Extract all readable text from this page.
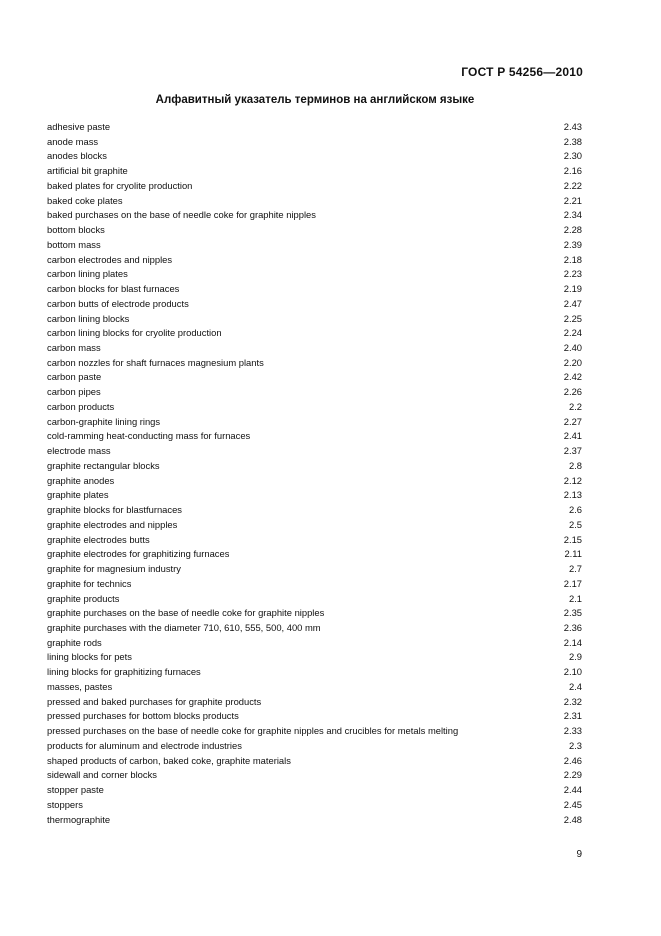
ГОСТ Р 54256—2010
Алфавитный указатель терминов на английском языке
adhesive paste	2.43
anode mass	2.38
anodes blocks	2.30
artificial bit graphite	2.16
baked plates for cryolite production	2.22
baked coke plates	2.21
baked purchases on the base of needle coke for graphite nipples	2.34
bottom blocks	2.28
bottom mass	2.39
carbon electrodes and nipples	2.18
carbon lining plates	2.23
carbon blocks for blast furnaces	2.19
carbon butts of electrode products	2.47
carbon lining blocks	2.25
carbon lining blocks for cryolite production	2.24
carbon mass	2.40
carbon nozzles for shaft furnaces magnesium plants	2.20
carbon paste	2.42
carbon pipes	2.26
carbon products	2.2
carbon-graphite lining rings	2.27
cold-ramming heat-conducting mass for furnaces	2.41
electrode mass	2.37
graphite rectangular blocks	2.8
graphite anodes	2.12
graphite plates	2.13
graphite blocks for blastfurnaces	2.6
graphite electrodes and nipples	2.5
graphite electrodes butts	2.15
graphite electrodes for graphitizing furnaces	2.11
graphite for magnesium industry	2.7
graphite for technics	2.17
graphite products	2.1
graphite purchases on the base of needle coke for graphite nipples	2.35
graphite purchases with the diameter 710, 610, 555, 500, 400 mm	2.36
graphite rods	2.14
lining blocks for pets	2.9
lining blocks for graphitizing furnaces	2.10
masses, pastes	2.4
pressed and baked purchases for graphite products	2.32
pressed purchases for bottom blocks products	2.31
pressed purchases on the base of needle coke for graphite nipples and crucibles for metals melting	2.33
products for aluminum and electrode industries	2.3
shaped products of carbon, baked coke, graphite materials	2.46
sidewall and corner blocks	2.29
stopper paste	2.44
stoppers	2.45
thermographite	2.48
9
